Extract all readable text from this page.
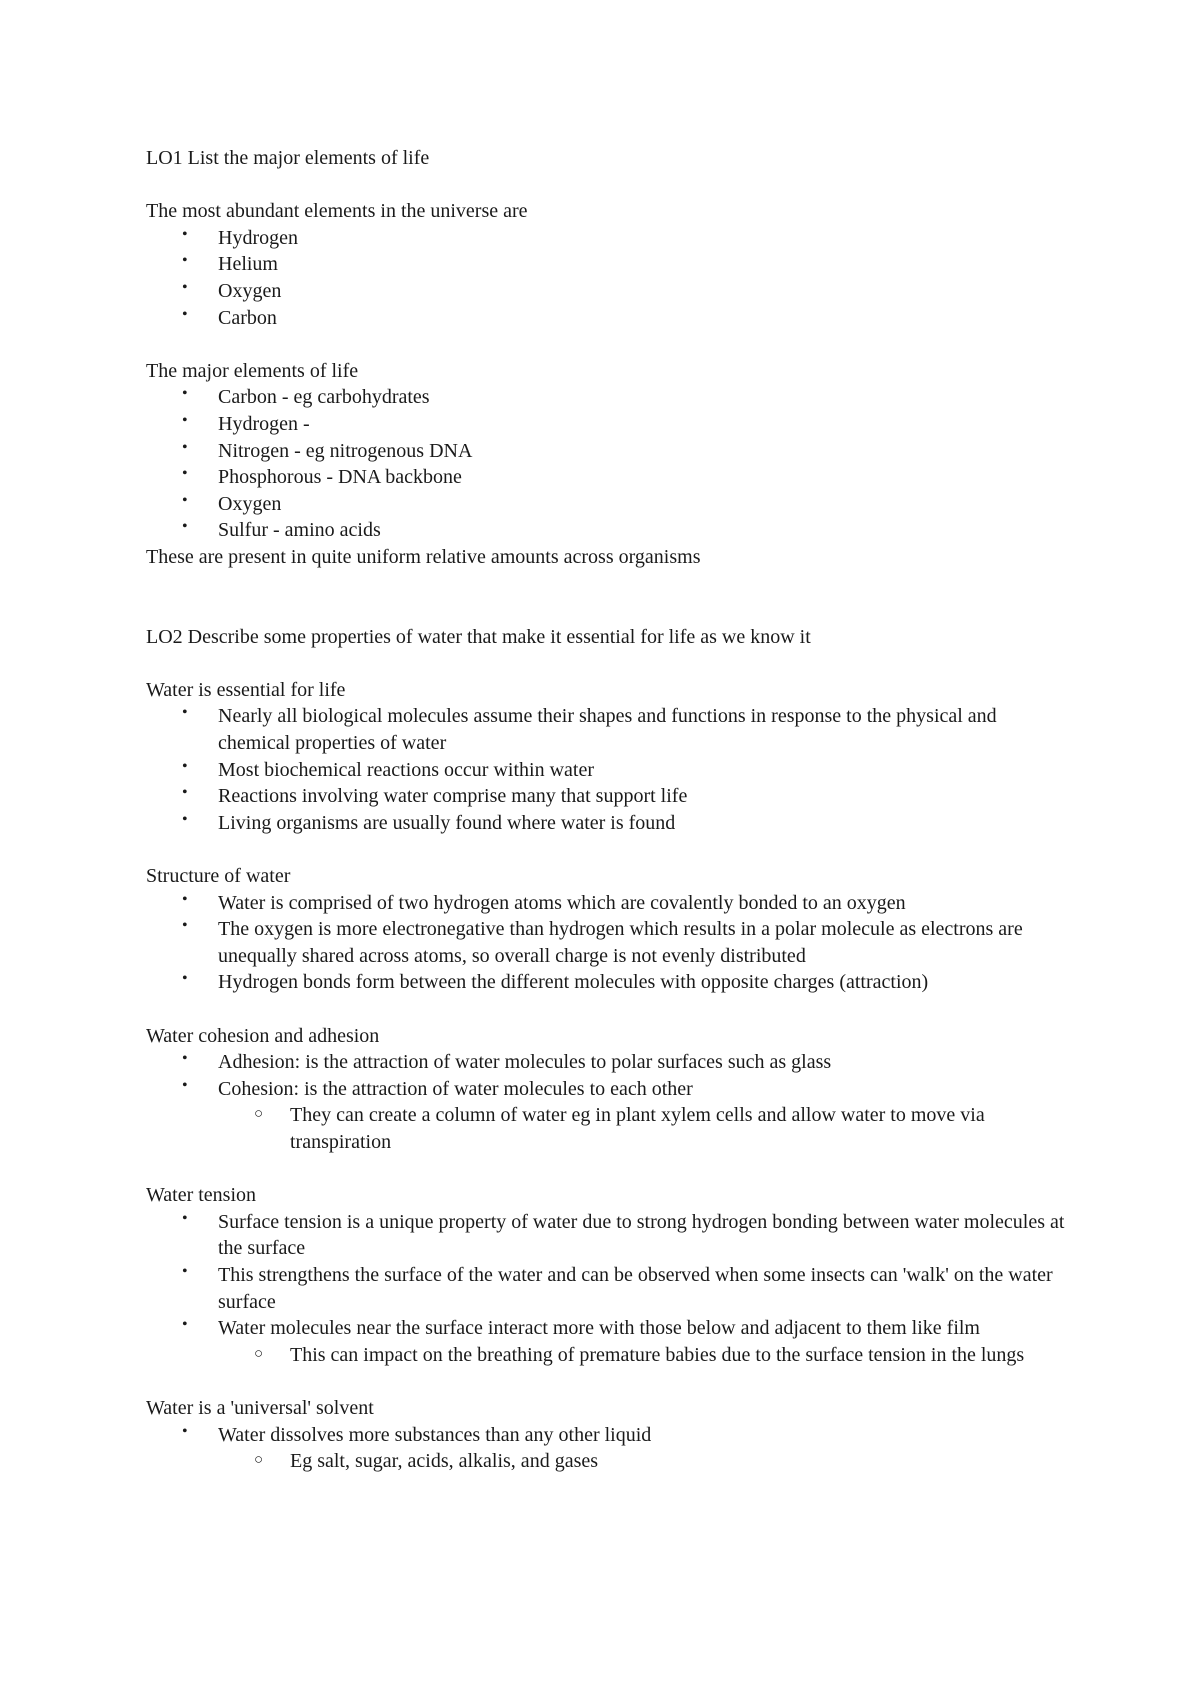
LO1 List the major elements of life

The most abundant elements in the universe are

•	Hydrogen
•	Helium
•	Oxygen
•	Carbon

The major elements of life

•	Carbon - eg carbohydrates
•	Hydrogen -
•	Nitrogen - eg nitrogenous DNA
•	Phosphorous - DNA backbone
•	Oxygen
•	Sulfur - amino acids

These are present in quite uniform relative amounts across organisms

LO2 Describe some properties of water that make it essential for life as we know it

Water is essential for life

•	Nearly all biological molecules assume their shapes and functions in response to the physical and chemical properties of water
•	Most biochemical reactions occur within water
•	Reactions involving water comprise many that support life
•	Living organisms are usually found where water is found

Structure of water

•	Water is comprised of two hydrogen atoms which are covalently bonded to an oxygen
•	The oxygen is more electronegative than hydrogen which results in a polar molecule as electrons are unequally shared across atoms, so overall charge is not evenly distributed
•	Hydrogen bonds form between the different molecules with opposite charges (attraction)

Water cohesion and adhesion

•	Adhesion: is the attraction of water molecules to polar surfaces such as glass
•	Cohesion: is the attraction of water molecules to each other
○ They can create a column of water eg in plant xylem cells and allow water to move via transpiration

Water tension

•	Surface tension is a unique property of water due to strong hydrogen bonding between water molecules at the surface
•	This strengthens the surface of the water and can be observed when some insects can 'walk' on the water surface
•	Water molecules near the surface interact more with those below and adjacent to them like film
○ This can impact on the breathing of premature babies due to the surface tension in the lungs

Water is a 'universal' solvent

•	Water dissolves more substances than any other liquid
○ Eg salt, sugar, acids, alkalis, and gases
